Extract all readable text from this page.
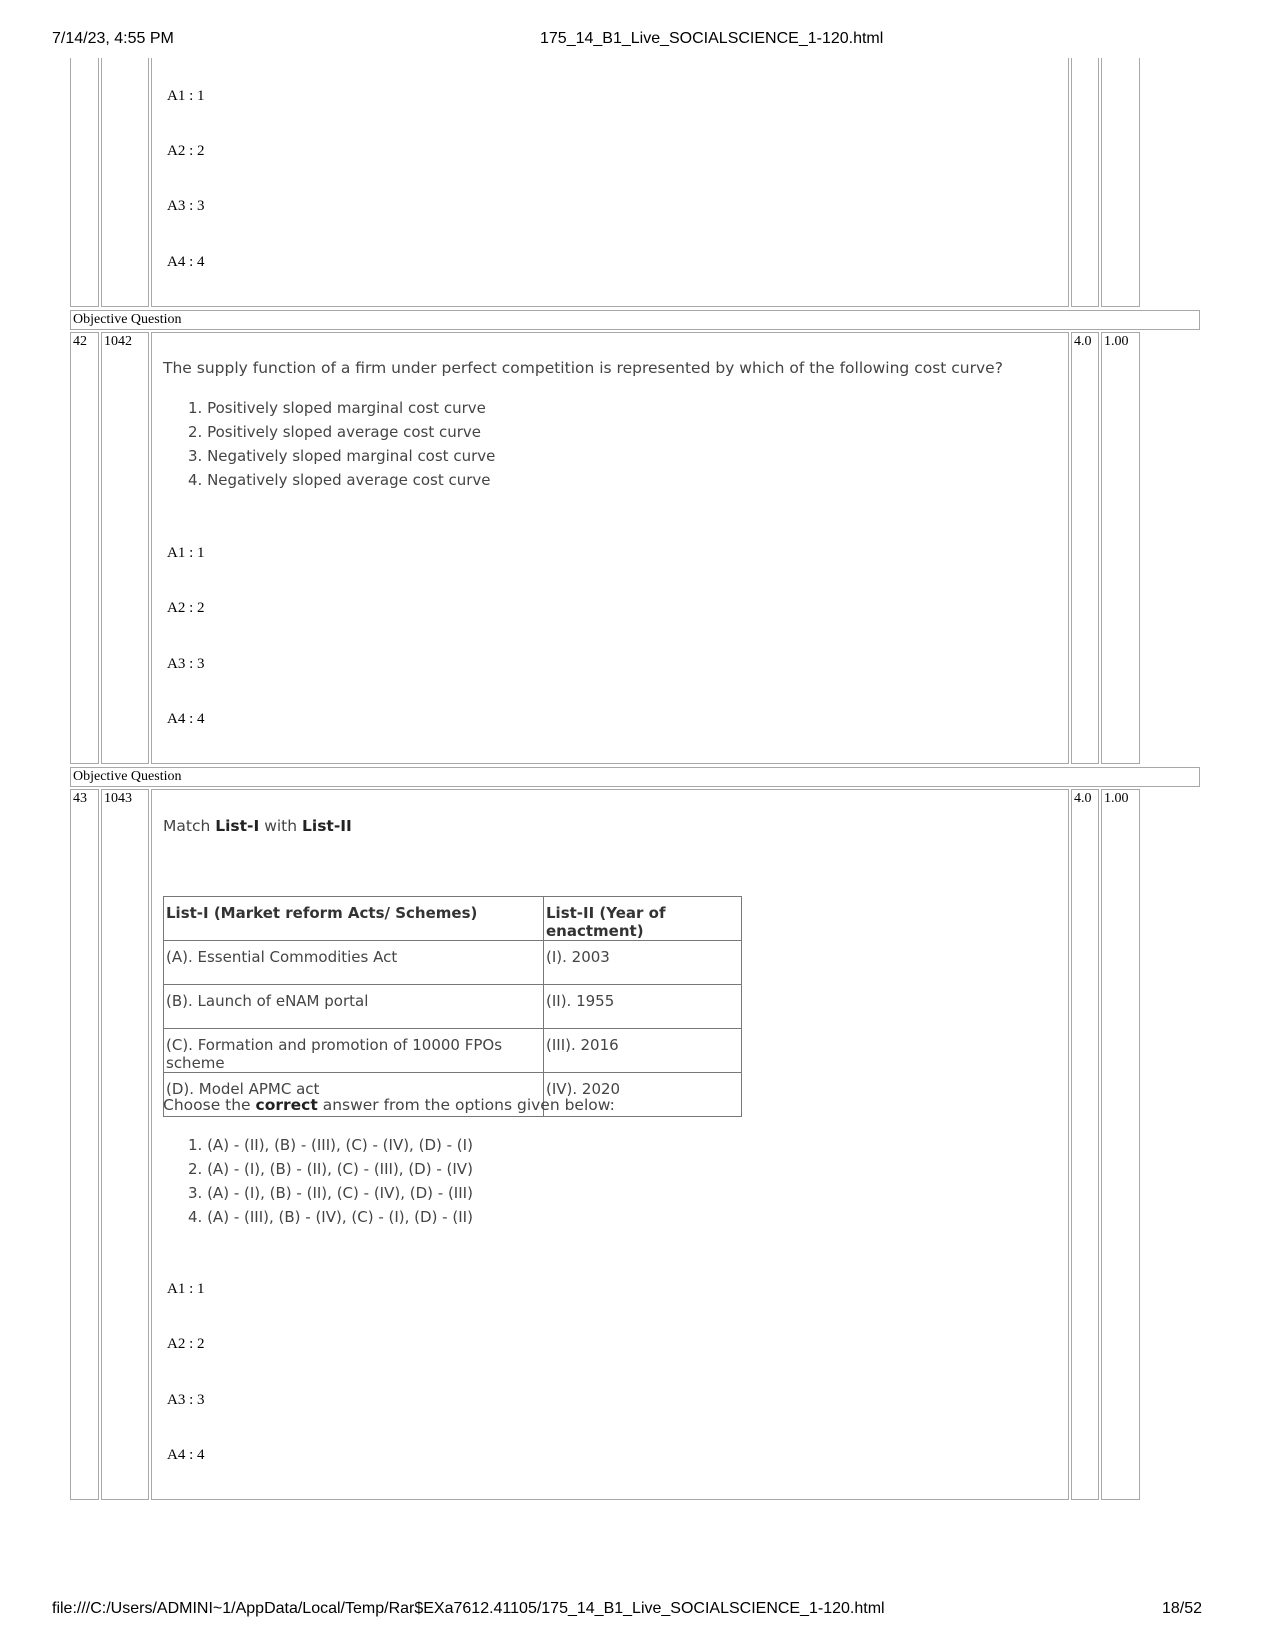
7/14/23, 4:55 PM	175_14_B1_Live_SOCIALSCIENCE_1-120.html
A1 : 1
A2 : 2
A3 : 3
A4 : 4
Objective Question
42 1042	4.0 1.00
The supply function of a firm under perfect competition is represented by which of the following cost curve?
1. Positively sloped marginal cost curve
2. Positively sloped average cost curve
3. Negatively sloped marginal cost curve
4. Negatively sloped average cost curve
A1 : 1
A2 : 2
A3 : 3
A4 : 4
Objective Question
43 1043	4.0 1.00
Match List-I with List-II
List-I (Market reform Acts/ Schemes)	List-II (Year of enactment)
(A). Essential Commodities Act	(I). 2003
(B). Launch of eNAM portal	(II). 1955
(C). Formation and promotion of 10000 FPOs scheme	(III). 2016
(D). Model APMC act	(IV). 2020
Choose the correct answer from the options given below:
1. (A) - (II), (B) - (III), (C) - (IV), (D) - (I)
2. (A) - (I), (B) - (II), (C) - (III), (D) - (IV)
3. (A) - (I), (B) - (II), (C) - (IV), (D) - (III)
4. (A) - (III), (B) - (IV), (C) - (I), (D) - (II)
A1 : 1
A2 : 2
A3 : 3
A4 : 4
file:///C:/Users/ADMINI~1/AppData/Local/Temp/Rar$EXa7612.41105/175_14_B1_Live_SOCIALSCIENCE_1-120.html	18/52
